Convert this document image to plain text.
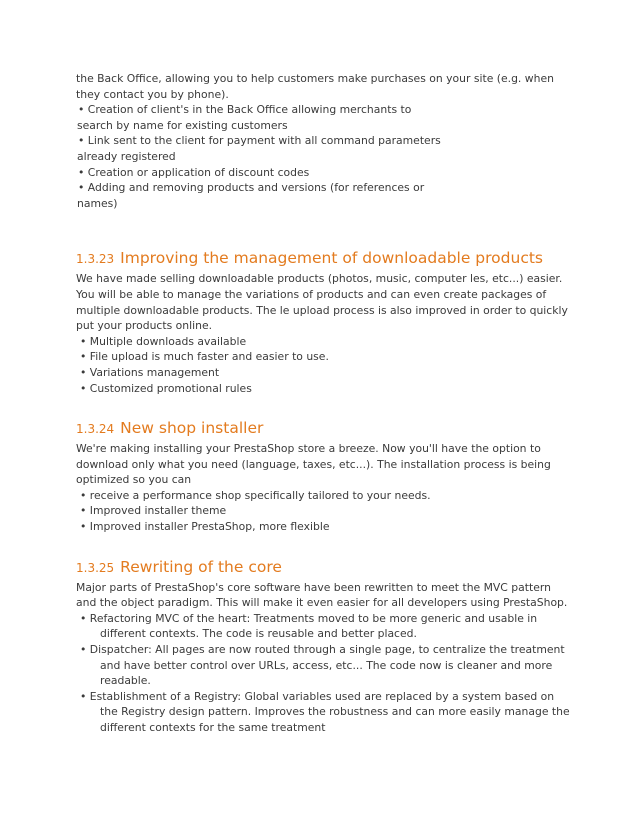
the Back Office, allowing you to help customers make purchases on your site (e.g. when

they contact you by phone).

• Creation of client's in the Back Office allowing merchants to

search by name for existing customers

• Link sent to the client for payment with all command parameters

already registered

• Creation or application of discount codes

• Adding and removing products and versions (for references or

names)

1.3.23 Improving the management of downloadable products

We have made selling downloadable products (photos, music, computer les, etc...) easier.

You will be able to manage the variations of products and can even create packages of

multiple downloadable products. The le upload process is also improved in order to quickly

put your products online.

• Multiple downloads available

• File upload is much faster and easier to use.

• Variations management

• Customized promotional rules

1.3.24 New shop installer

We're making installing your PrestaShop store a breeze. Now you'll have the option to

download only what you need (language, taxes, etc...). The installation process is being

optimized so you can

• receive a performance shop specifically tailored to your needs.

• Improved installer theme

• Improved installer PrestaShop, more flexible

1.3.25 Rewriting of the core

Major parts of PrestaShop's core software have been rewritten to meet the MVC pattern

and the object paradigm. This will make it even easier for all developers using PrestaShop.

• Refactoring MVC of the heart: Treatments moved to be more generic and usable in

different contexts. The code is reusable and better placed.

• Dispatcher: All pages are now routed through a single page, to centralize the treatment

and have better control over URLs, access, etc... The code now is cleaner and more

readable.

• Establishment of a Registry: Global variables used are replaced by a system based on

the Registry design pattern. Improves the robustness and can more easily manage the

different contexts for the same treatment
